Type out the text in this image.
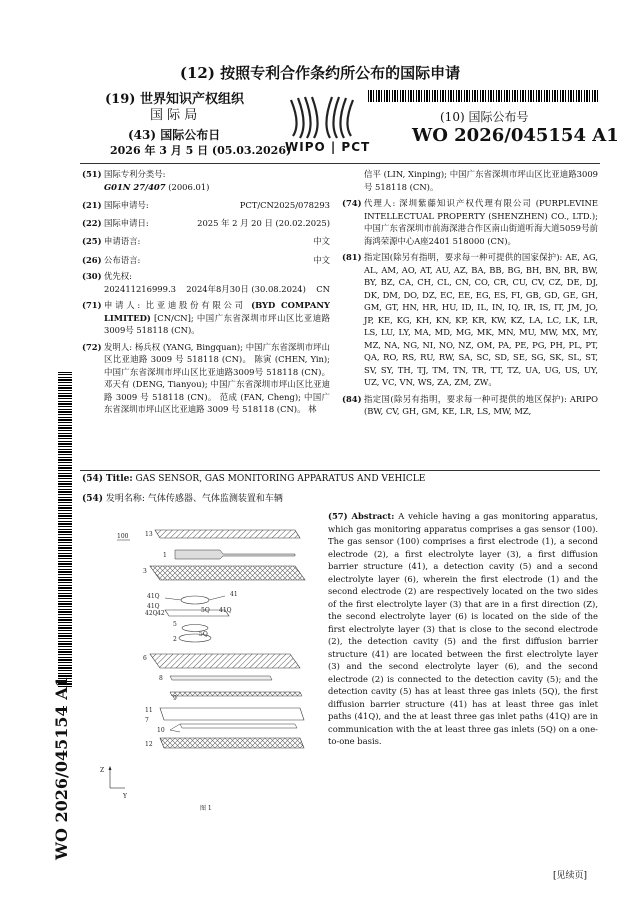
(12) 按照专利合作条约所公布的国际申请
(19) 世界知识产权组织
国 际 局
(43) 国际公布日
2026 年 3 月 5 日 (05.03.2026)
(10) 国际公布号
WO 2026/045154 A1
WIPO | PCT
(51) 国际专利分类号:
G01N 27/407 (2006.01)
(21) 国际申请号:	PCT/CN2025/078293
(22) 国际申请日:	2025 年 2 月 20 日 (20.02.2025)
(25) 申请语言:	中文
(26) 公布语言:	中文
(30) 优先权:
202411216999.3 2024年8月30日 (30.08.2024) CN
(71) 申请人: 比亚迪股份有限公司 (BYD COMPANY LIMITED) [CN/CN]; 中国广东省深圳市坪山区比亚迪路3009号 518118 (CN)。
(72) 发明人: 杨兵权 (YANG, Bingquan); 中国广东省深圳市坪山区比亚迪路 3009 号 518118 (CN)。 陈寅 (CHEN, Yin); 中国广东省深圳市坪山区比亚迪路3009号 518118 (CN)。 邓天有 (DENG, Tianyou); 中国广东省深圳市坪山区比亚迪路 3009 号 518118 (CN)。 范成 (FAN, Cheng); 中国广东省深圳市坪山区比亚迪路 3009 号 518118 (CN)。 林
信平 (LIN, Xinping); 中国广东省深圳市坪山区比亚迪路3009号 518118 (CN)。
(74) 代理人: 深圳紫藤知识产权代理有限公司 (PURPLEVINE INTELLECTUAL PROPERTY (SHENZHEN) CO., LTD.); 中国广东省深圳市前海深港合作区南山街道听海大道5059号前海鸿荣源中心A座2401 518000 (CN)。
(81) 指定国(除另有指明，要求每一种可提供的国家保护): AE, AG, AL, AM, AO, AT, AU, AZ, BA, BB, BG, BH, BN, BR, BW, BY, BZ, CA, CH, CL, CN, CO, CR, CU, CV, CZ, DE, DJ, DK, DM, DO, DZ, EC, EE, EG, ES, FI, GB, GD, GE, GH, GM, GT, HN, HR, HU, ID, IL, IN, IQ, IR, IS, IT, JM, JO, JP, KE, KG, KH, KN, KP, KR, KW, KZ, LA, LC, LK, LR, LS, LU, LY, MA, MD, MG, MK, MN, MU, MW, MX, MY, MZ, NA, NG, NI, NO, NZ, OM, PA, PE, PG, PH, PL, PT, QA, RO, RS, RU, RW, SA, SC, SD, SE, SG, SK, SL, ST, SV, SY, TH, TJ, TM, TN, TR, TT, TZ, UA, UG, US, UY, UZ, VC, VN, WS, ZA, ZM, ZW。
(84) 指定国(除另有指明，要求每一种可提供的地区保护): ARIPO (BW, CV, GH, GM, KE, LR, LS, MW, MZ,
(54) Title: GAS SENSOR, GAS MONITORING APPARATUS AND VEHICLE
(54) 发明名称: 气体传感器、气体监测装置和车辆
100	13
1
3
41Q	41
41Q
42Q 42
5
5Q 41Q
5Q
2
6
8
9
11
7
10
12
Z
Y
图 1
(57) Abstract: A vehicle having a gas monitoring apparatus, which gas monitoring apparatus comprises a gas sensor (100). The gas sensor (100) comprises a first electrode (1), a second electrode (2), a first electrolyte layer (3), a first diffusion barrier structure (41), a detection cavity (5) and a second electrolyte layer (6), wherein the first electrode (1) and the second electrode (2) are respectively located on the two sides of the first electrolyte layer (3) that are in a first direction (Z), the second electrolyte layer (6) is located on the side of the first electrolyte layer (3) that is close to the second electrode (2), the detection cavity (5) and the first diffusion barrier structure (41) are located between the first electrolyte layer (3) and the second electrolyte layer (6), and the second electrode (2) is connected to the detection cavity (5); and the detection cavity (5) has at least three gas inlets (5Q), the first diffusion barrier structure (41) has at least three gas inlet paths (41Q), and the at least three gas inlet paths (41Q) are in communication with the at least three gas inlets (5Q) on a one-to-one basis.
WO 2026/045154 A1
[见续页]
